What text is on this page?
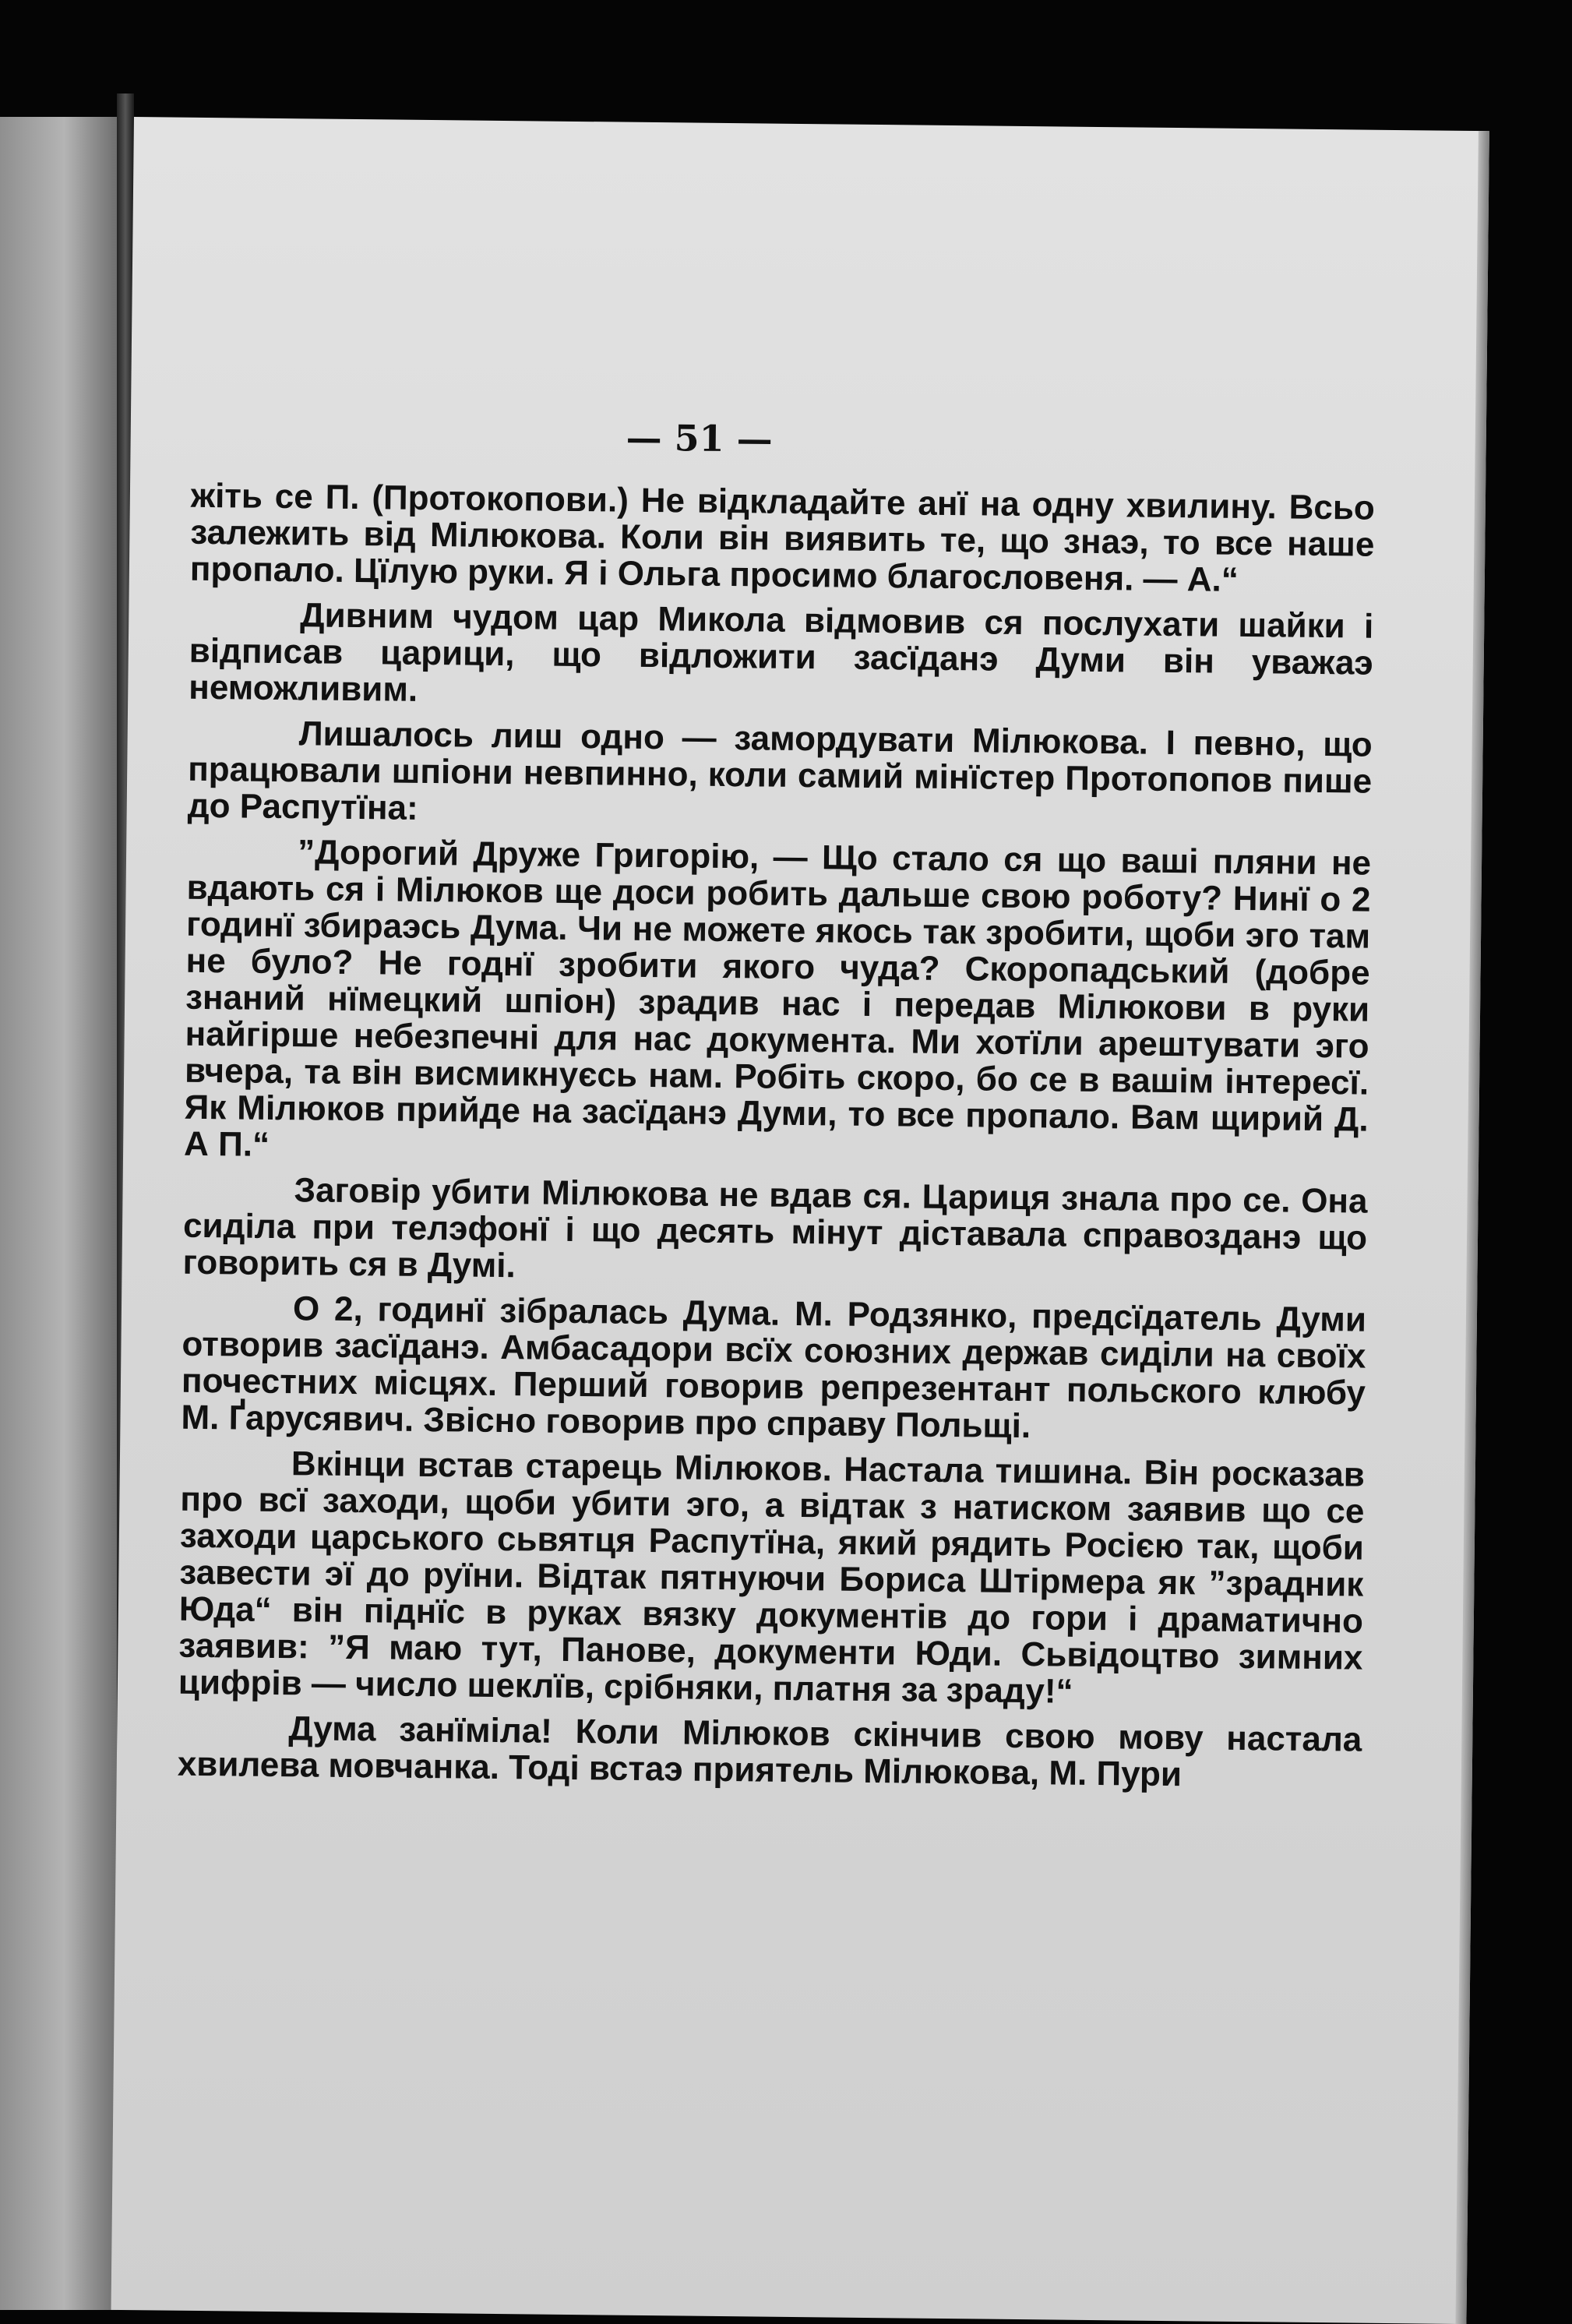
— 51 —

жіть се П. (Протокопови.) Не відкладайте анї на одну хвилину. Всьо залежить від Мілюкова. Коли він виявить те, що знаэ, то все наше пропало. Цїлую руки. Я і Ольга просимо благословеня. — А.“

Дивним чудом цар Микола відмовив ся послухати шайки і відписав царици, що відложити засїданэ Думи він уважаэ неможливим.

Лишалось лиш одно — замордувати Мілюкова. І певно, що працювали шпіони невпинно, коли самий мінїстер Протопопов пише до Распутїна:

”Дорогий Друже Григорію, — Що стало ся що ваші пляни не вдають ся і Мілюков ще доси робить дальше свою роботу? Нинї о 2 годинї збираэсь Дума. Чи не можете якось так зробити, щоби эго там не було? Не годнї зробити якого чуда? Скоропадський (добре знаний нїмецкий шпіон) зрадив нас і передав Мілюкови в руки найгірше небезпечні для нас документа. Ми хотїли арештувати эго вчера, та він висмикнуєсь нам. Робіть скоро, бо се в вашім інтересї. Як Мілюков прийде на засїданэ Думи, то все пропало. Вам щирий Д. А П.“

Заговір убити Мілюкова не вдав ся. Цариця знала про се. Она сиділа при телэфонї і що десять мінут діставала справозданэ що говорить ся в Думі.

О 2, годинї зібралась Дума. М. Родзянко, предсїдатель Думи отворив засїданэ. Амбасадори всїх союзних держав сиділи на своїх почестних місцях. Перший говорив репрезентант польского клюбу М. Ґарусявич. Звісно говорив про справу Польщі.

Вкінци встав старець Мілюков. Настала тишина. Він росказав про всї заходи, щоби убити эго, а відтак з натиском заявив що се заходи царського сьвятця Распутїна, який рядить Росією так, щоби завести эї до руїни. Відтак пятнуючи Бориса Штірмера як ”зрадник Юда“ він піднїс в руках вязку документів до гори і драматично заявив: ”Я маю тут, Панове, документи Юди. Сьвідоцтво зимних цифрів — число шеклїв, срібняки, платня за зраду!“

Дума занїміла! Коли Мілюков скінчив свою мову настала хвилева мовчанка. Тоді встаэ приятель Мілюкова, М. Пури
